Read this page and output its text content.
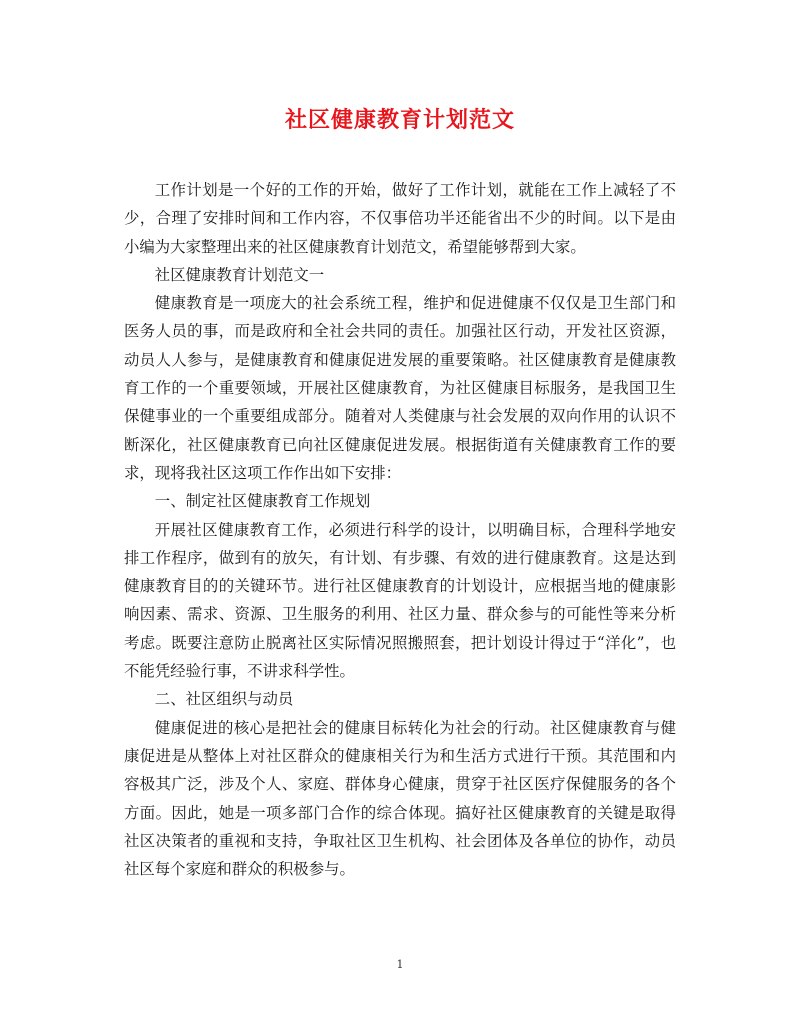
社区健康教育计划范文

工作计划是一个好的工作的开始，做好了工作计划，就能在工作上减轻了不少，合理了安排时间和工作内容，不仅事倍功半还能省出不少的时间。以下是由小编为大家整理出来的社区健康教育计划范文，希望能够帮到大家。

社区健康教育计划范文一

健康教育是一项庞大的社会系统工程，维护和促进健康不仅仅是卫生部门和医务人员的事，而是政府和全社会共同的责任。加强社区行动，开发社区资源，动员人人参与，是健康教育和健康促进发展的重要策略。社区健康教育是健康教育工作的一个重要领域，开展社区健康教育，为社区健康目标服务，是我国卫生保健事业的一个重要组成部分。随着对人类健康与社会发展的双向作用的认识不断深化，社区健康教育已向社区健康促进发展。根据街道有关健康教育工作的要求，现将我社区这项工作作出如下安排：

一、制定社区健康教育工作规划

开展社区健康教育工作，必须进行科学的设计，以明确目标，合理科学地安排工作程序，做到有的放矢，有计划、有步骤、有效的进行健康教育。这是达到健康教育目的的关键环节。进行社区健康教育的计划设计，应根据当地的健康影响因素、需求、资源、卫生服务的利用、社区力量、群众参与的可能性等来分析考虑。既要注意防止脱离社区实际情况照搬照套，把计划设计得过于“洋化”，也不能凭经验行事，不讲求科学性。

二、社区组织与动员

健康促进的核心是把社会的健康目标转化为社会的行动。社区健康教育与健康促进是从整体上对社区群众的健康相关行为和生活方式进行干预。其范围和内容极其广泛，涉及个人、家庭、群体身心健康，贯穿于社区医疗保健服务的各个方面。因此，她是一项多部门合作的综合体现。搞好社区健康教育的关键是取得社区决策者的重视和支持，争取社区卫生机构、社会团体及各单位的协作，动员社区每个家庭和群众的积极参与。

1
